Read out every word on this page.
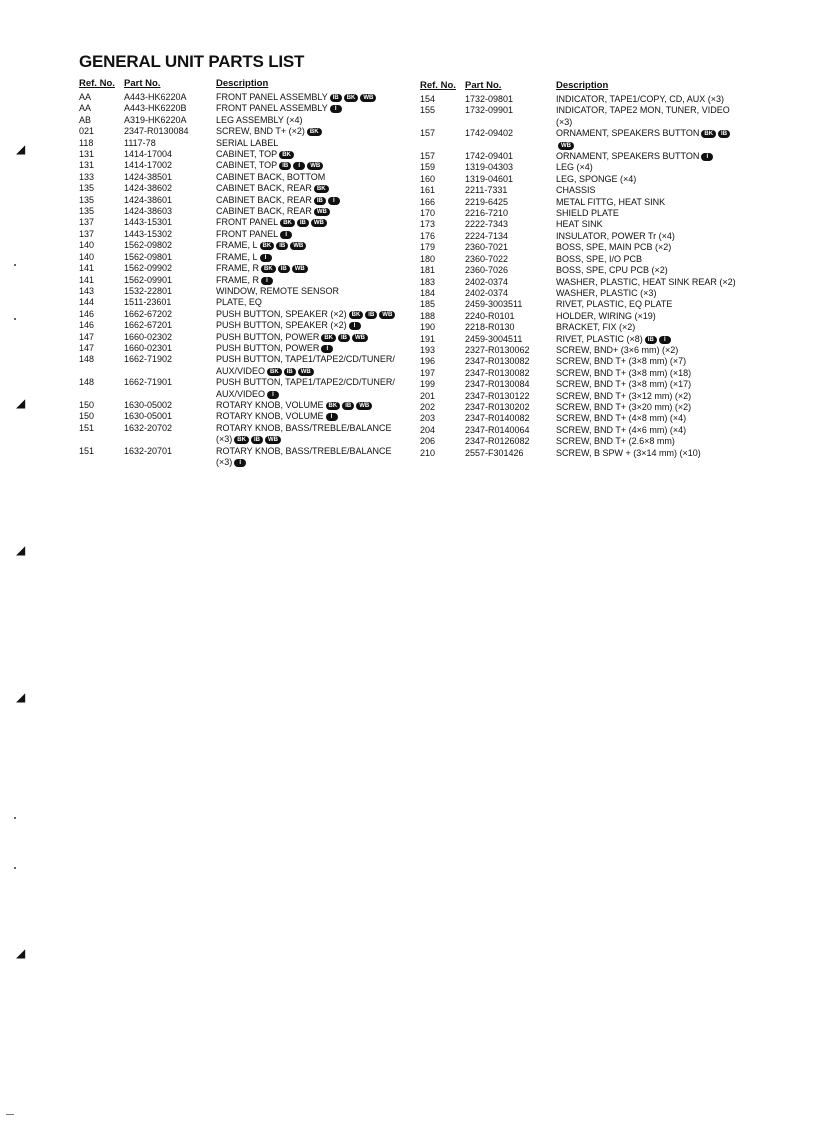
GENERAL UNIT PARTS LIST
Ref. No. Part No.	Description
AA	A443-HK6220A	FRONT PANEL ASSEMBLY IB BK WB
AA	A443-HK6220B	FRONT PANEL ASSEMBLY I
AB	A319-HK6220A	LEG ASSEMBLY (×4)
021	2347-R0130084	SCREW, BND T+ (×2) BK
118	1117-78	SERIAL LABEL
131	1414-17004	CABINET, TOP BK
131	1414-17002	CABINET, TOP IB I WB
133	1424-38501	CABINET BACK, BOTTOM
135	1424-38602	CABINET BACK, REAR BK
135	1424-38601	CABINET BACK, REAR IB I
135	1424-38603	CABINET BACK, REAR WB
137	1443-15301	FRONT PANEL BK IB WB
137	1443-15302	FRONT PANEL I
140	1562-09802	FRAME, L BK IB WB
140	1562-09801	FRAME, L I
141	1562-09902	FRAME, R BK IB WB
141	1562-09901	FRAME, R I
143	1532-22801	WINDOW, REMOTE SENSOR
144	1511-23601	PLATE, EQ
146	1662-67202	PUSH BUTTON, SPEAKER (×2) BK IB WB
146	1662-67201	PUSH BUTTON, SPEAKER (×2) I
147	1660-02302	PUSH BUTTON, POWER BK IB WB
147	1660-02301	PUSH BUTTON, POWER I
148	1662-71902	PUSH BUTTON, TAPE1/TAPE2/CD/TUNER/ AUX/VIDEO BK IB WB
148	1662-71901	PUSH BUTTON, TAPE1/TAPE2/CD/TUNER/ AUX/VIDEO I
150	1630-05002	ROTARY KNOB, VOLUME BK IB WB
150	1630-05001	ROTARY KNOB, VOLUME I
151	1632-20702	ROTARY KNOB, BASS/TREBLE/BALANCE (×3) BK IB WB
151	1632-20701	ROTARY KNOB, BASS/TREBLE/BALANCE (×3) I
Ref. No. Part No.	Description
154	1732-09801	INDICATOR, TAPE1/COPY, CD, AUX (×3)
155	1732-09901	INDICATOR, TAPE2 MON, TUNER, VIDEO (×3)
157	1742-09402	ORNAMENT, SPEAKERS BUTTON BK IBWB
157	1742-09401	ORNAMENT, SPEAKERS BUTTON I
159	1319-04303	LEG (×4)
160	1319-04601	LEG, SPONGE (×4)
161	2211-7331	CHASSIS
166	2219-6425	METAL FITTG, HEAT SINK
170	2216-7210	SHIELD PLATE
173	2222-7343	HEAT SINK
176	2224-7134	INSULATOR, POWER Tr (×4)
179	2360-7021	BOSS, SPE, MAIN PCB (×2)
180	2360-7022	BOSS, SPE, I/O PCB
181	2360-7026	BOSS, SPE, CPU PCB (×2)
183	2402-0374	WASHER, PLASTIC, HEAT SINK REAR (×2)
184	2402-0374	WASHER, PLASTIC (×3)
185	2459-3003511	RIVET, PLASTIC, EQ PLATE
188	2240-R0101	HOLDER, WIRING (×19)
190	2218-R0130	BRACKET, FIX (×2)
191	2459-3004511	RIVET, PLASTIC (×8) IB I
193	2327-R0130062	SCREW, BND+ (3×6 mm) (×2)
196	2347-R0130082	SCREW, BND T+ (3×8 mm) (×7)
197	2347-R0130082	SCREW, BND T+ (3×8 mm) (×18)
199	2347-R0130084	SCREW, BND T+ (3×8 mm) (×17)
201	2347-R0130122	SCREW, BND T+ (3×12 mm) (×2)
202	2347-R0130202	SCREW, BND T+ (3×20 mm) (×2)
203	2347-R0140082	SCREW, BND T+ (4×8 mm) (×4)
204	2347-R0140064	SCREW, BND T+ (4×6 mm) (×4)
206	2347-R0126082	SCREW, BND T+ (2.6×8 mm)
210	2557-F301426	SCREW, B SPW + (3×14 mm) (×10)
◢
◢
◢
◢
◢
